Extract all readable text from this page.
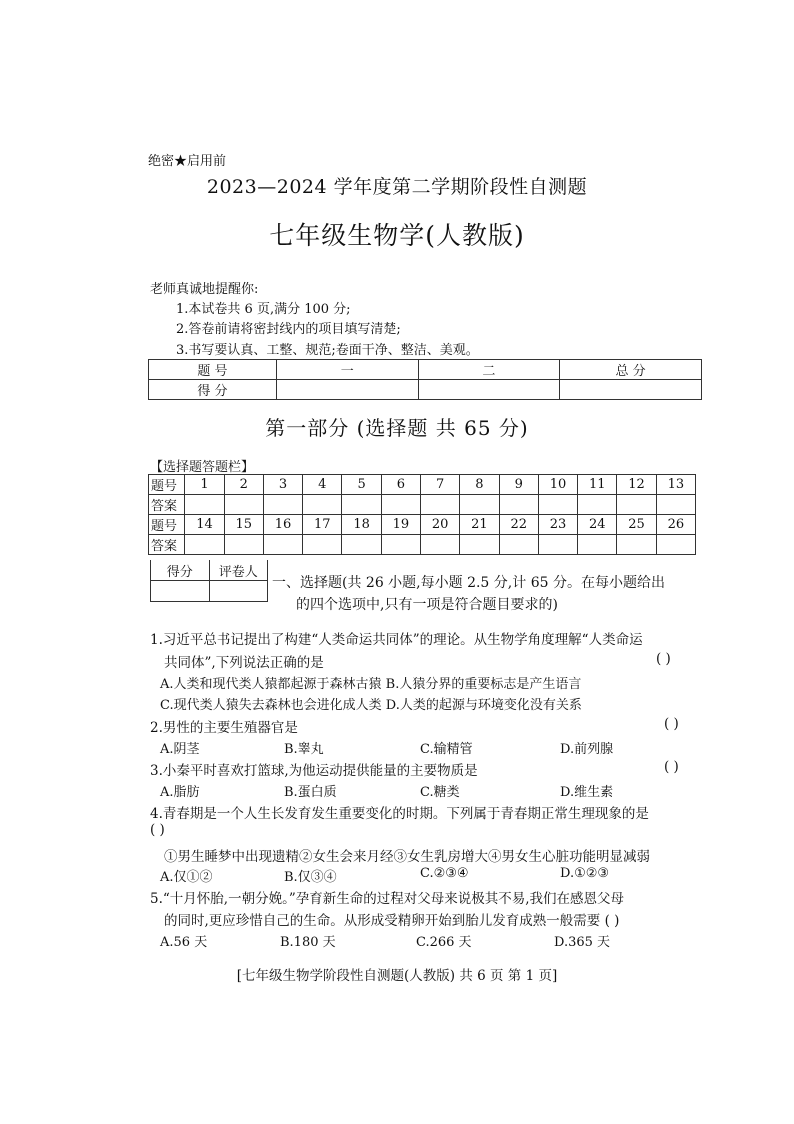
绝密★启用前
2023—2024 学年度第二学期阶段性自测题
七年级生物学(人教版)
老师真诚地提醒你:
1.本试卷共 6 页,满分 100 分;
2.答卷前请将密封线内的项目填写清楚;
3.书写要认真、工整、规范;卷面干净、整洁、美观。
题 号	一	二	总 分
得 分			
第一部分 (选择题 共 65 分)
【选择题答题栏】
题号	1	2	3	4	5	6	7	8	9	10	11	12	13
答案													
题号	14	15	16	17	18	19	20	21	22	23	24	25	26
答案													
得分	评卷人

一、选择题(共 26 小题,每小题 2.5 分,计 65 分。在每小题给出
的四个选项中,只有一项是符合题目要求的)
1.习近平总书记提出了构建“人类命运共同体”的理论。从生物学角度理解“人类命运
共同体”,下列说法正确的是	( )
A.人类和现代类人猿都起源于森林古猿 B.人猿分界的重要标志是产生语言
C.现代类人猿失去森林也会进化成人类 D.人类的起源与环境变化没有关系
2.男性的主要生殖器官是	( )
A.阴茎	B.睾丸	C.输精管	D.前列腺
3.小秦平时喜欢打篮球,为他运动提供能量的主要物质是	( )
A.脂肪	B.蛋白质	C.糖类	D.维生素
4.青春期是一个人生长发育发生重要变化的时期。下列属于青春期正常生理现象的是
( )
①男生睡梦中出现遗精②女生会来月经③女生乳房增大④男女生心脏功能明显减弱
A.仅①②	B.仅③④	C.②③④	D.①②③
5.“十月怀胎,一朝分娩。”孕育新生命的过程对父母来说极其不易,我们在感恩父母
的同时,更应珍惜自己的生命。从形成受精卵开始到胎儿发育成熟一般需要 ( )
A.56 天	B.180 天	C.266 天	D.365 天
[七年级生物学阶段性自测题(人教版) 共 6 页 第 1 页]
